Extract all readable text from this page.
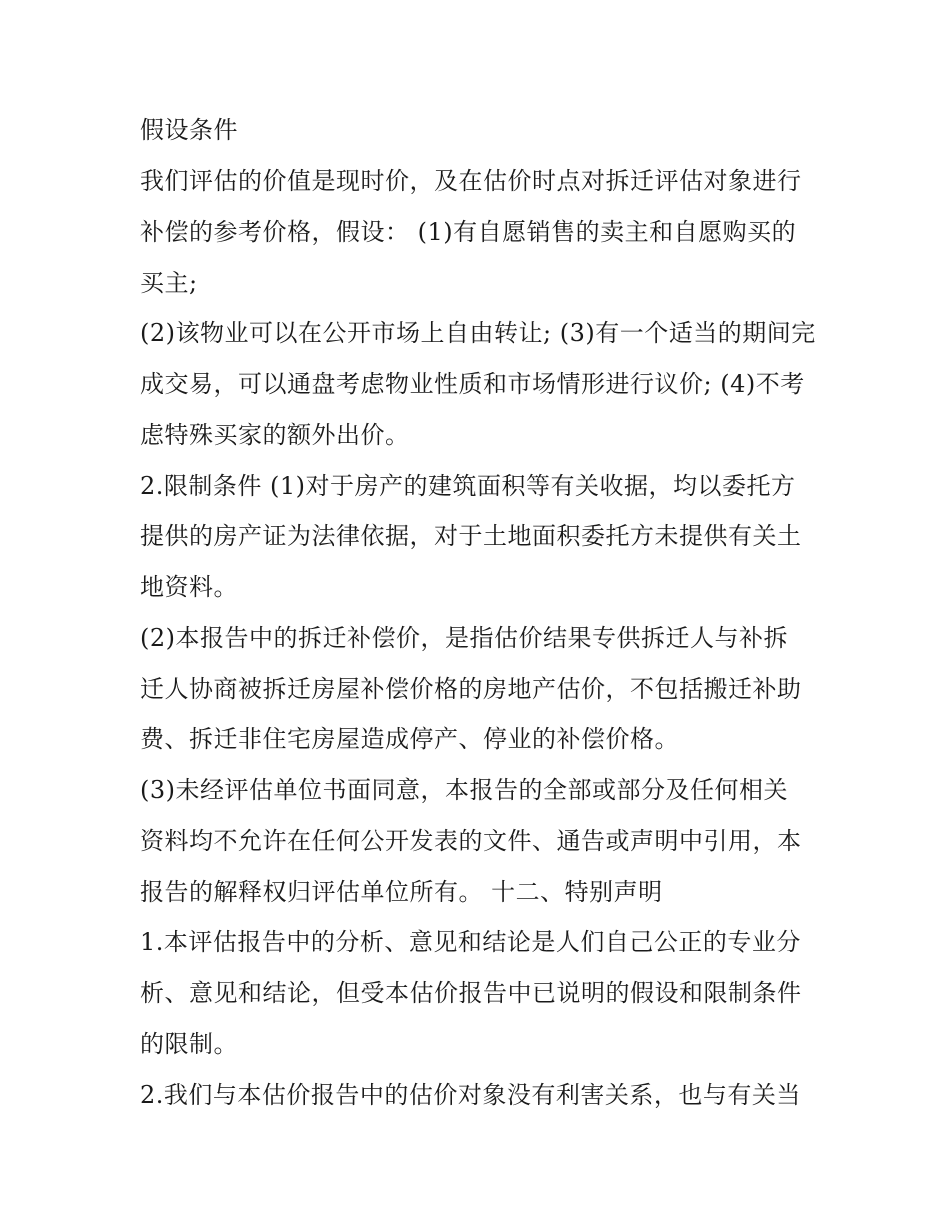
假设条件
我们评估的价值是现时价，及在估价时点对拆迁评估对象进行
补偿的参考价格，假设： (1)有自愿销售的卖主和自愿购买的
买主;
(2)该物业可以在公开市场上自由转让; (3)有一个适当的期间完
成交易，可以通盘考虑物业性质和市场情形进行议价; (4)不考
虑特殊买家的额外出价。
2.限制条件 (1)对于房产的建筑面积等有关收据，均以委托方
提供的房产证为法律依据，对于土地面积委托方未提供有关土
地资料。
(2)本报告中的拆迁补偿价，是指估价结果专供拆迁人与补拆
迁人协商被拆迁房屋补偿价格的房地产估价，不包括搬迁补助
费、拆迁非住宅房屋造成停产、停业的补偿价格。
(3)未经评估单位书面同意，本报告的全部或部分及任何相关
资料均不允许在任何公开发表的文件、通告或声明中引用，本
报告的解释权归评估单位所有。 十二、特别声明
1.本评估报告中的分析、意见和结论是人们自己公正的专业分
析、意见和结论，但受本估价报告中已说明的假设和限制条件
的限制。
2.我们与本估价报告中的估价对象没有利害关系，也与有关当
